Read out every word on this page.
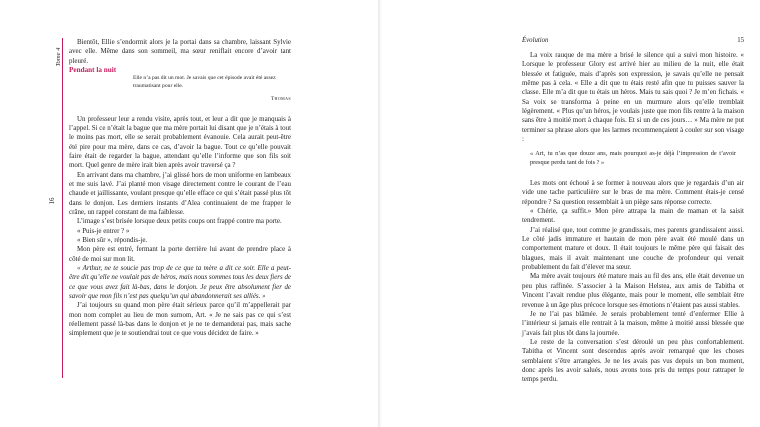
Tome 4
16

Bientôt, Ellie s’endormit alors je la portai dans sa chambre, laissant Sylvie avec elle. Même dans son sommeil, ma sœur reniflait encore d’avoir tant pleuré.

Pendant la nuit

Elle n’a pas dit un mot. Je savais que cet épisode avait été assez traumatisant pour elle.
Thomas

Un professeur leur a rendu visite, après tout, et leur a dit que je manquais à l’appel. Si ce n’était la bague que ma mère portait lui disant que je n’étais à tout le moins pas mort, elle se serait probablement évanouie. Cela aurait peut-être été pire pour ma mère, dans ce cas, d’avoir la bague. Tout ce qu’elle pouvait faire était de regarder la bague, attendant qu’elle l’informe que son fils soit mort. Quel genre de mère irait bien après avoir traversé ça ?

En arrivant dans ma chambre, j’ai glissé hors de mon uniforme en lambeaux et me suis lavé. J’ai planté mon visage directement contre le courant de l’eau chaude et jaillissante, voulant presque qu’elle efface ce qui s’était passé plus tôt dans le donjon. Les derniers instants d’Alea continuaient de me frapper le crâne, un rappel constant de ma faiblesse.

L’image s’est brisée lorsque deux petits coups ont frappé contre ma porte.

« Puis-je entrer ? »

« Bien sûr », répondis-je.

Mon père est entré, fermant la porte derrière lui avant de prendre place à côté de moi sur mon lit.

« Arthur, ne te soucie pas trop de ce que ta mère a dit ce soir. Elle a peut-être dit qu’elle ne voulait pas de héros, mais nous sommes tous les deux fiers de ce que vous avez fait là-bas, dans le donjon. Je peux être absolument fier de savoir que mon fils n’est pas quelqu’un qui abandonnerait ses alliés. »

J’ai toujours su quand mon père était sérieux parce qu’il m’appellerait par mon nom complet au lieu de mon surnom, Art. « Je ne sais pas ce qui s’est réellement passé là-bas dans le donjon et je ne te demanderai pas, mais sache simplement que je te soutiendrai tout ce que vous décidez de faire. »

Évolution	15

La voix rauque de ma mère a brisé le silence qui a suivi mon histoire. « Lorsque le professeur Glory est arrivé hier au milieu de la nuit, elle était blessée et fatiguée, mais d’après son expression, je savais qu’elle ne pensait même pas à cela. « Elle a dit que tu étais resté afin que tu puisses sauver la classe. Elle m’a dit que tu étais un héros. Mais tu sais quoi ? Je m’en fichais. « Sa voix se transforma à peine en un murmure alors qu’elle tremblait légèrement. « Plus qu’un héros, je voulais juste que mon fils rentre à la maison sans être à moitié mort à chaque fois. Et si un de ces jours… » Ma mère ne put terminer sa phrase alors que les larmes recommençaient à couler sur son visage :

« Art, tu n’as que douze ans, mais pourquoi as-je déjà l’impression de t’avoir presque perdu tant de fois ? »

Les mots ont échoué à se former à nouveau alors que je regardais d’un air vide une tache particulière sur le bras de ma mère. Comment étais-je censé répondre ? Sa question ressemblait à un piège sans réponse correcte.

« Chérie, ça suffit.» Mon père attrapa la main de maman et la saisit tendrement.

J’ai réalisé que, tout comme je grandissais, mes parents grandissaient aussi. Le côté jadis immature et hautain de mon père avait été moulé dans un comportement mature et doux. Il était toujours le même père qui faisait des blagues, mais il avait maintenant une couche de profondeur qui venait probablement du fait d’élever ma sœur.

Ma mère avait toujours été mature mais au fil des ans, elle était devenue un peu plus raffinée. S’associer à la Maison Helstea, aux amis de Tabitha et Vincent l’avait rendue plus élégante, mais pour le moment, elle semblait être revenue à un âge plus précoce lorsque ses émotions n’étaient pas aussi stables.

Je ne l’ai pas blâmée. Je serais probablement tenté d’enfermer Ellie à l’intérieur si jamais elle rentrait à la maison, même à moitié aussi blessée que j’avais fait plus tôt dans la journée.

Le reste de la conversation s’est déroulé un peu plus confortablement. Tabitha et Vincent sont descendus après avoir remarqué que les choses semblaient s’être arrangées. Je ne les avais pas vus depuis un bon moment, donc après les avoir salués, nous avons tous pris du temps pour rattraper le temps perdu.
